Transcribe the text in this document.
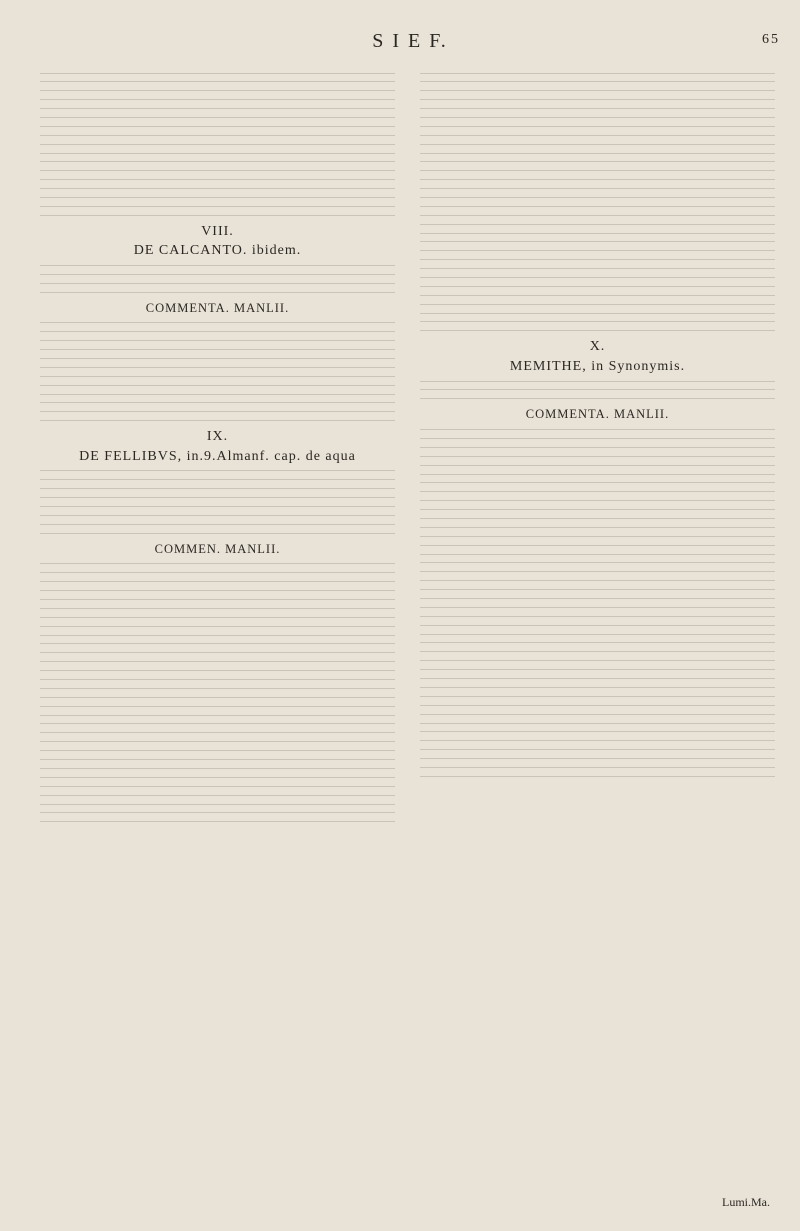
S I E F.	65
VIII.
DE CALCANTO. ibidem.
COMMENTA. MANLII.
IX.
DE FELLIBVS, in.9.Almanf. cap. de aqua
COMMEN. MANLII.
X.
MEMITHE, in Synonymis.
COMMENTA. MANLII.
Lumi.Ma.
